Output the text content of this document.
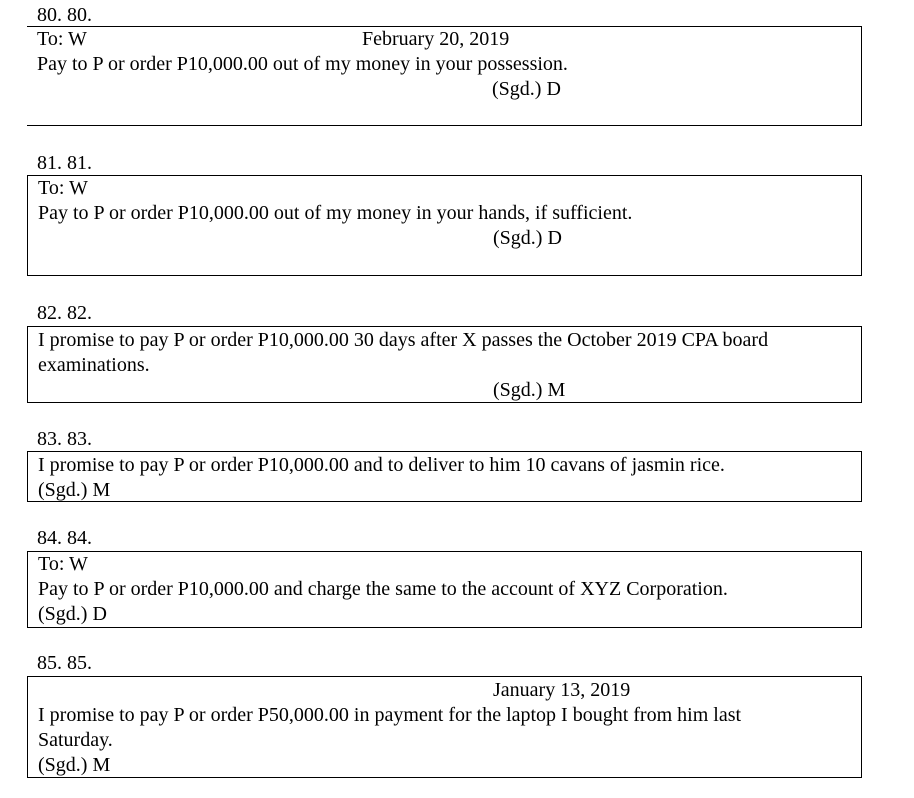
80. 80.
To: W	February 20, 2019
Pay to P or order P10,000.00 out of my money in your possession.
(Sgd.) D
81. 81.
To: W
Pay to P or order P10,000.00 out of my money in your hands, if sufficient.
(Sgd.) D
82. 82.
I promise to pay P or order P10,000.00 30 days after X passes the October 2019 CPA board
examinations.
(Sgd.) M
83. 83.
I promise to pay P or order P10,000.00 and to deliver to him 10 cavans of jasmin rice.
(Sgd.) M
84. 84.
To: W
Pay to P or order P10,000.00 and charge the same to the account of XYZ Corporation.
(Sgd.) D
85. 85.
January 13, 2019
I promise to pay P or order P50,000.00 in payment for the laptop I bought from him last
Saturday.
(Sgd.) M
